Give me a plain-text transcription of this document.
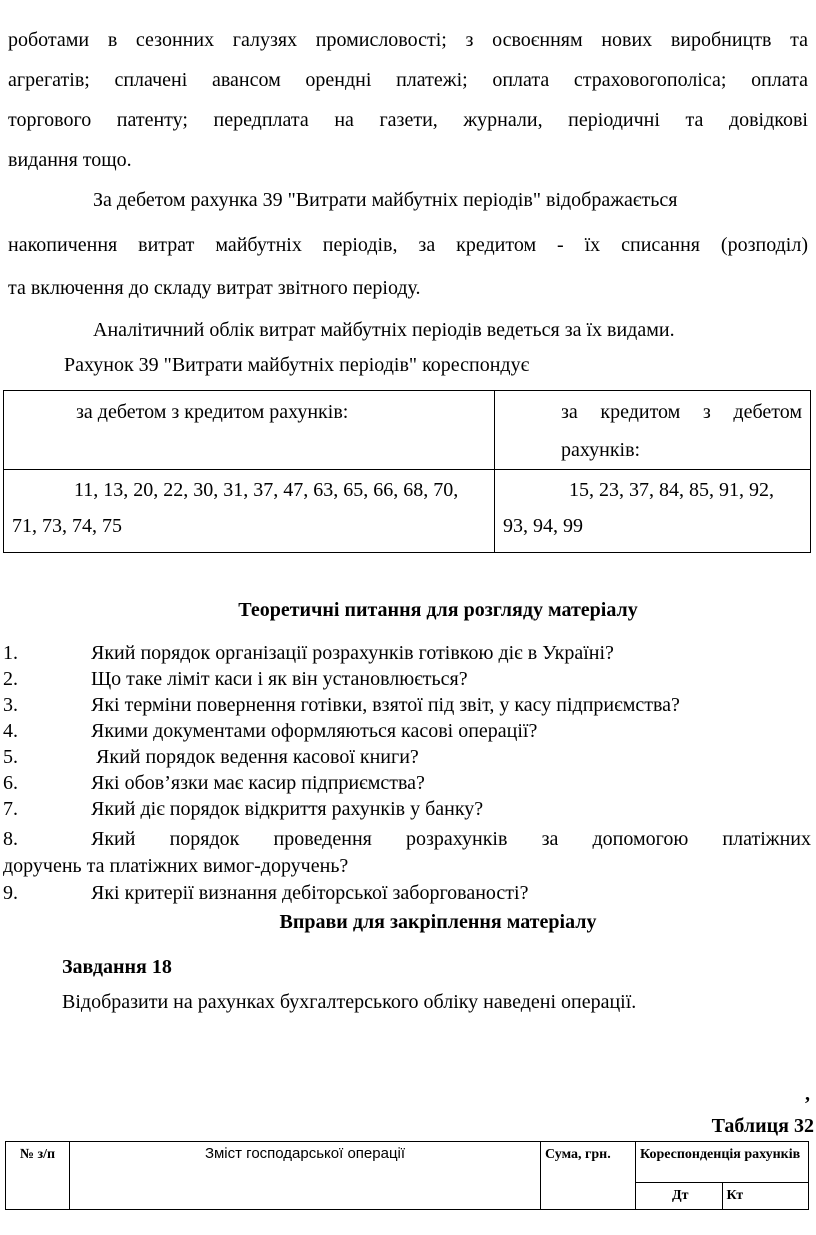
роботами в сезонних галузях промисловості; з освоєнням нових виробництв та
агрегатів; сплачені авансом орендні платежі; оплата страховогополіса; оплата
торгового патенту; передплата на газети, журнали, періодичні та довідкові
видання тощо.
За дебетом рахунка 39 "Витрати майбутніх періодів" відображається
накопичення витрат майбутніх періодів, за кредитом - їх списання (розподіл)
та включення до складу витрат звітного періоду.
Аналітичний облік витрат майбутніх періодів ведеться за їх видами.
Рахунок 39 "Витрати майбутніх періодів" кореспондує
за дебетом з кредитом рахунків:	за кредитом з дебетом рахунків:
11, 13, 20, 22, 30, 31, 37, 47, 63, 65, 66, 68, 70, 71, 73, 74, 75	15, 23, 37, 84, 85, 91, 92, 93, 94, 99
Теоретичні питання для розгляду матеріалу
1.	Який порядок організації розрахунків готівкою діє в Україні?
2.	Що таке ліміт каси і як він установлюється?
3.	Які терміни повернення готівки, взятої під звіт, у касу підприємства?
4.	Якими документами оформляються касові операції?
5.	Який порядок ведення касової книги?
6.	Які обов’язки має касир підприємства?
7.	Який діє порядок відкриття рахунків у банку?
8.	Який порядок проведення розрахунків за допомогою платіжних
доручень та платіжних вимог-доручень?
9.	Які критерії визнання дебіторської заборгованості?
Вправи для закріплення матеріалу
Завдання 18
Відобразити на рахунках бухгалтерського обліку наведені операції.
,
Таблиця 32
№ з/п	Зміст господарської операції	Сума, грн.	Кореспонденція рахунків	
			Дт	Кт
